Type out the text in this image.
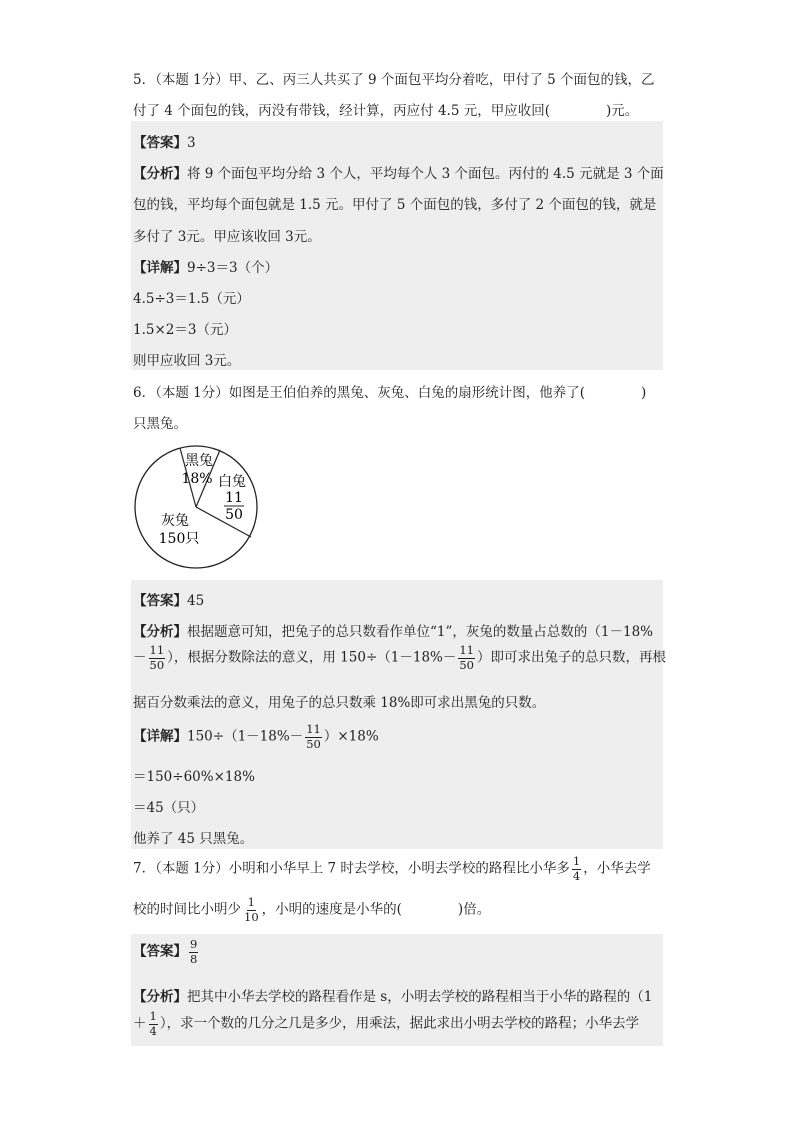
5．（本题 1分）甲、乙、丙三人共买了 9 个面包平均分着吃，甲付了 5 个面包的钱，乙
付了 4 个面包的钱，丙没有带钱，经计算，丙应付 4.5 元，甲应收回(	)元。
【答案】3
【分析】将 9 个面包平均分给 3 个人，平均每个人 3 个面包。丙付的 4.5 元就是 3 个面
包的钱，平均每个面包就是 1.5 元。甲付了 5 个面包的钱，多付了 2 个面包的钱，就是
多付了 3元。甲应该收回 3元。
【详解】9÷3＝3（个）
4.5÷3＝1.5（元）
1.5×2＝3（元）
则甲应收回 3元。
6．（本题 1分）如图是王伯伯养的黑兔、灰兔、白兔的扇形统计图，他养了(	)
只黑兔。
黑兔
18% 白兔
11
50
灰兔
150只
【答案】45
【分析】根据题意可知，把兔子的总只数看作单位“1”，灰兔的数量占总数的（1－18%
－ $\frac{11}{50}$ ），根据分数除法的意义，用 $150\div(1-18\%- \frac{11}{50}$ ）即可求出兔子的总只数，再根
据百分数乘法的意义，用兔子的总只数乘 18%即可求出黑兔的只数。
【详解】$150\div(1-18\%- \frac{11}{50} )\times 18\%$
＝150÷60%×18%
＝45（只）
他养了 45 只黑兔。
7．（本题 1分）小明和小华早上 7 时去学校，小明去学校的路程比小华多 $\frac{1}{4}$ ，小华去学
校的时间比小明少 $\frac{1}{10}$ ，小明的速度是小华的(	)倍。
【答案】 $\frac{9}{8}$
【分析】把其中小华去学校的路程看作是 s，小明去学校的路程相当于小华的路程的（1
＋ $\frac{1}{4}$ ），求一个数的几分之几是多少，用乘法，据此求出小明去学校的路程；小华去学
